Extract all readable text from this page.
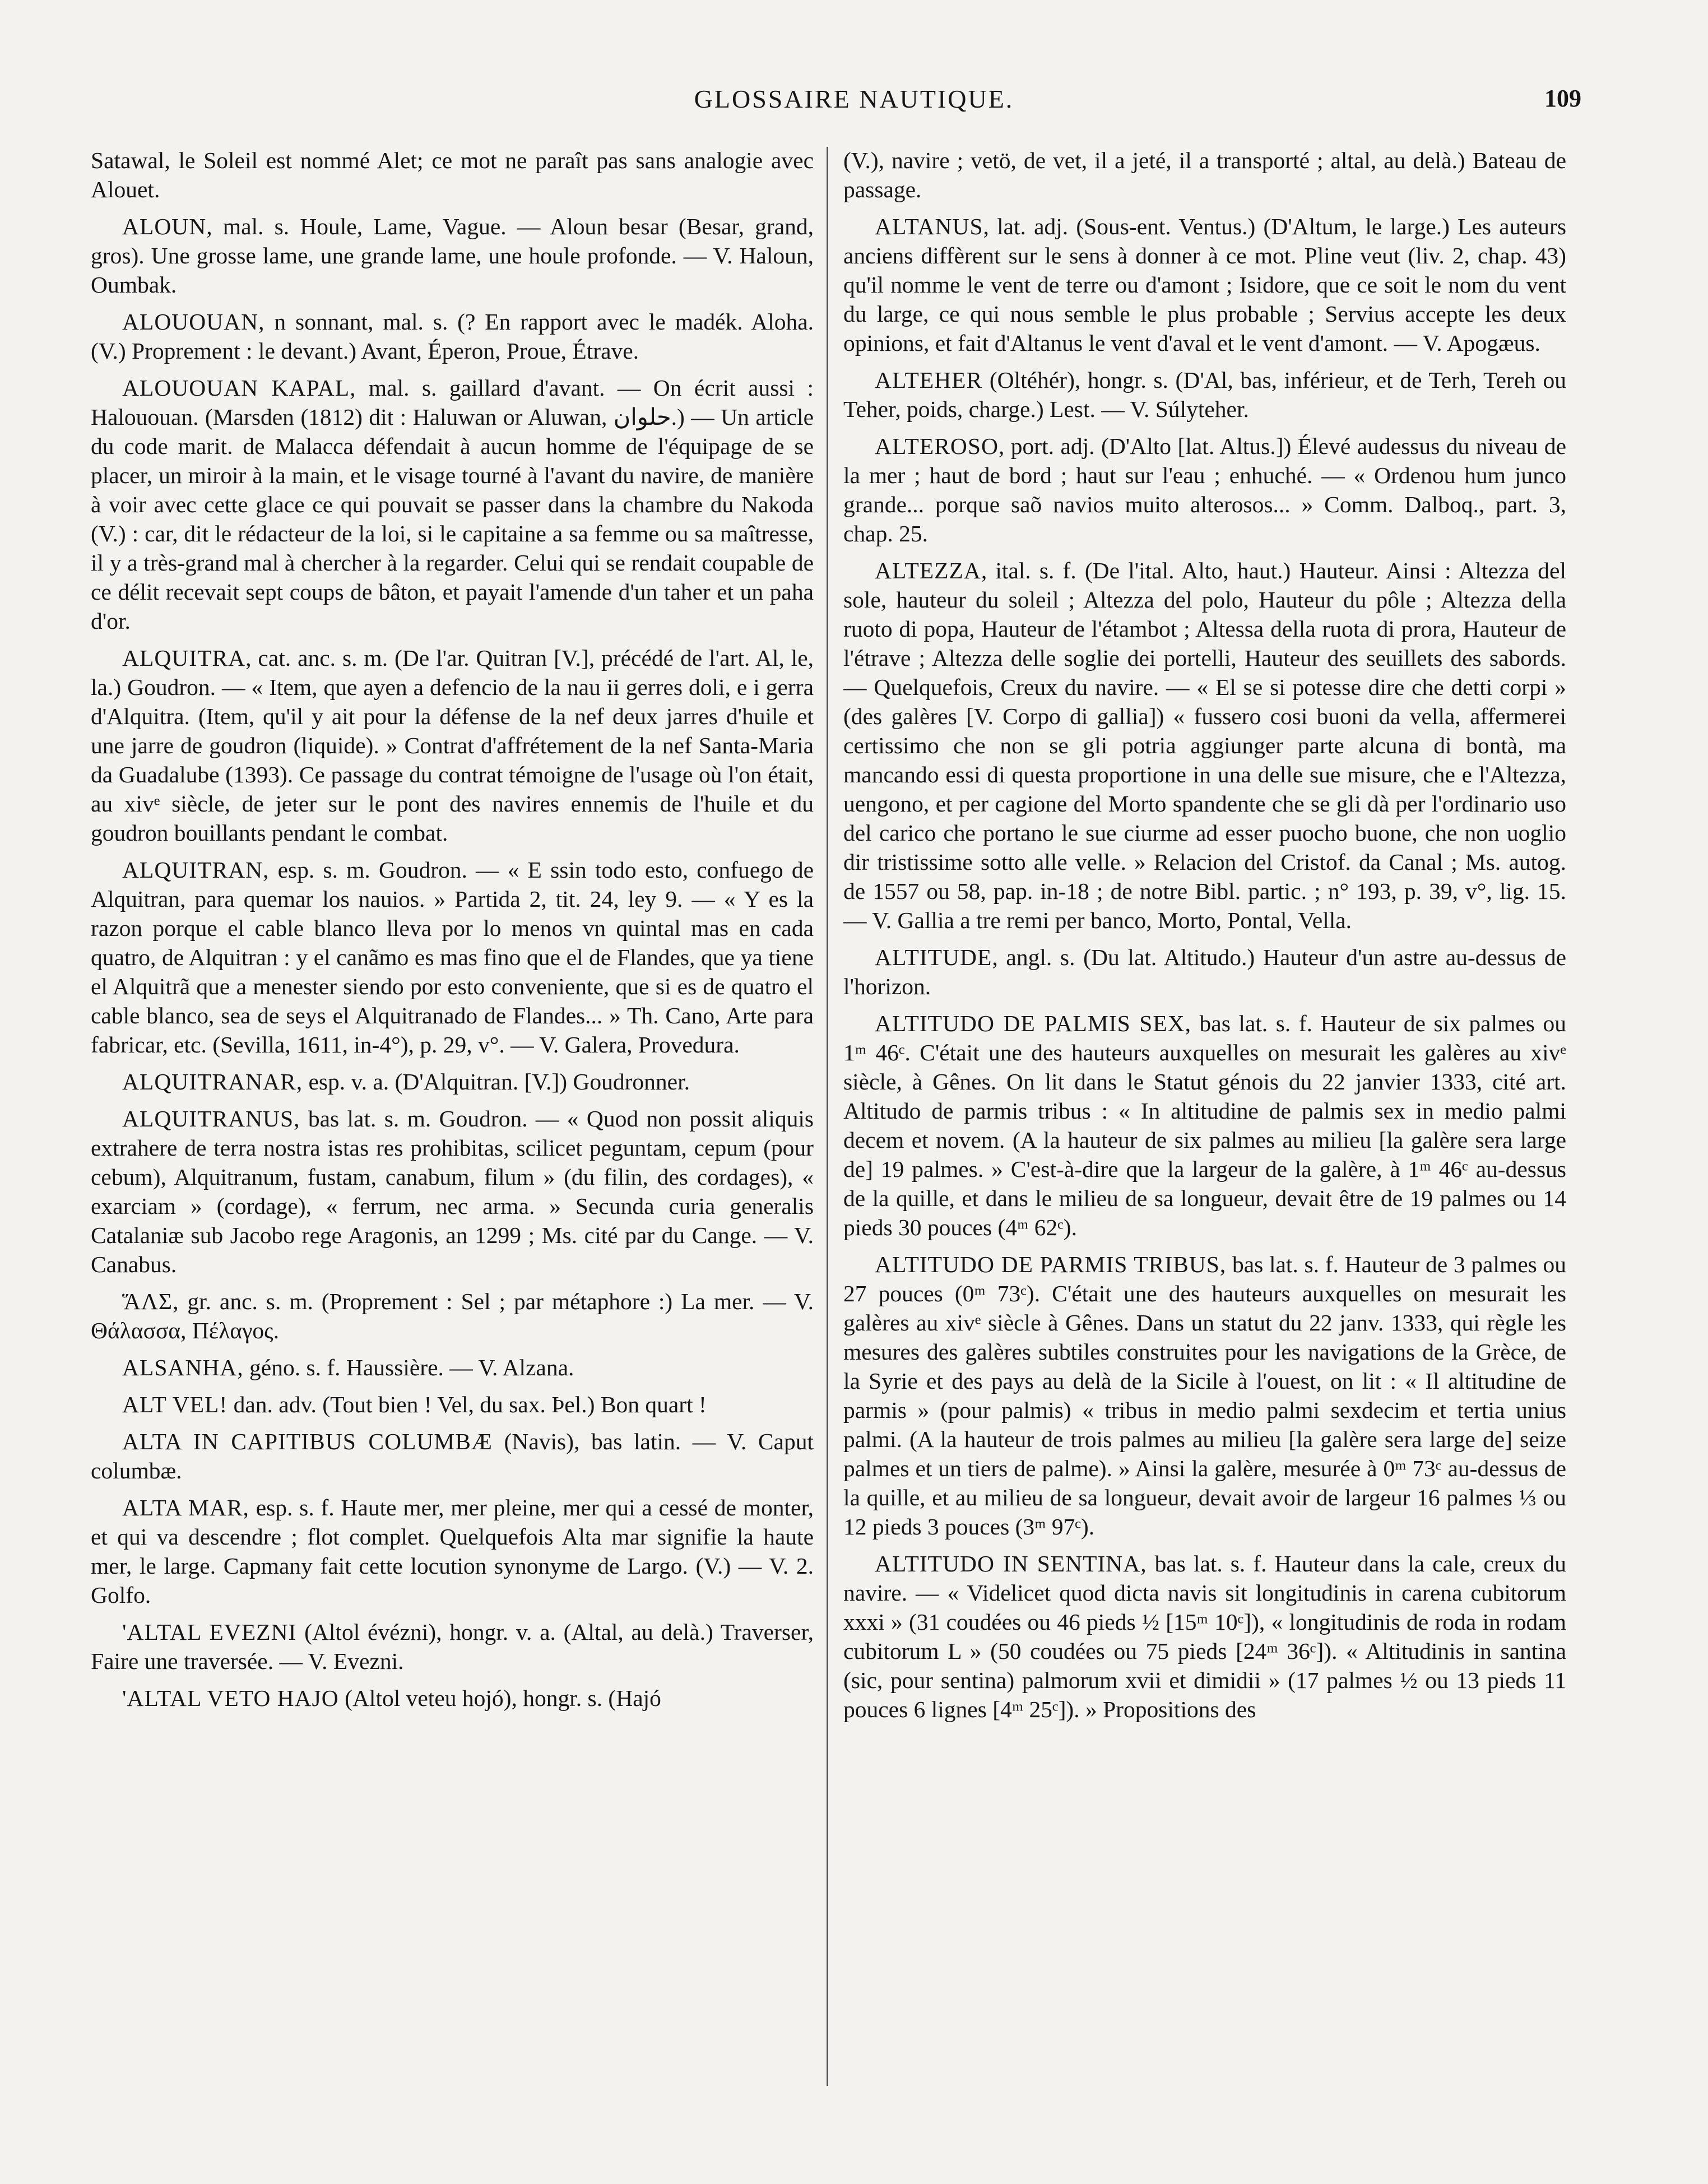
GLOSSAIRE NAUTIQUE.	109

Satawal, le Soleil est nommé Alet; ce mot ne paraît pas sans analogie avec Alouet.

ALOUN, mal. s. Houle, Lame, Vague. — Aloun besar (Besar, grand, gros). Une grosse lame, une grande lame, une houle profonde. — V. Haloun, Oumbak.

ALOUOUAN, n sonnant, mal. s. (? En rapport avec le madék. Aloha. (V.) Proprement : le devant.) Avant, Éperon, Proue, Étrave.

ALOUOUAN KAPAL, mal. s. gaillard d'avant. — On écrit aussi : Halououan. (Marsden (1812) dit : Haluwan or Aluwan, حلوان.) — Un article du code marit. de Malacca défendait à aucun homme de l'équipage de se placer, un miroir à la main, et le visage tourné à l'avant du navire, de manière à voir avec cette glace ce qui pouvait se passer dans la chambre du Nakoda (V.) : car, dit le rédacteur de la loi, si le capitaine a sa femme ou sa maîtresse, il y a très-grand mal à chercher à la regarder. Celui qui se rendait coupable de ce délit recevait sept coups de bâton, et payait l'amende d'un taher et un paha d'or.

ALQUITRA, cat. anc. s. m. (De l'ar. Quitran [V.], précédé de l'art. Al, le, la.) Goudron. — « Item, que ayen a defencio de la nau ii gerres doli, e i gerra d'Alquitra. (Item, qu'il y ait pour la défense de la nef deux jarres d'huile et une jarre de goudron (liquide). » Contrat d'affrétement de la nef Santa-Maria da Guadalube (1393). Ce passage du contrat témoigne de l'usage où l'on était, au xivᵉ siècle, de jeter sur le pont des navires ennemis de l'huile et du goudron bouillants pendant le combat.

ALQUITRAN, esp. s. m. Goudron. — « E ssin todo esto, confuego de Alquitran, para quemar los nauios. » Partida 2, tit. 24, ley 9. — « Y es la razon porque el cable blanco lleva por lo menos vn quintal mas en cada quatro, de Alquitran : y el canãmo es mas fino que el de Flandes, que ya tiene el Alquitrã que a menester siendo por esto conveniente, que si es de quatro el cable blanco, sea de seys el Alquitranado de Flandes... » Th. Cano, Arte para fabricar, etc. (Sevilla, 1611, in-4°), p. 29, v°. — V. Galera, Provedura.

ALQUITRANAR, esp. v. a. (D'Alquitran. [V.]) Goudronner.

ALQUITRANUS, bas lat. s. m. Goudron. — « Quod non possit aliquis extrahere de terra nostra istas res prohibitas, scilicet peguntam, cepum (pour cebum), Alquitranum, fustam, canabum, filum » (du filin, des cordages), « exarciam » (cordage), « ferrum, nec arma. » Secunda curia generalis Catalaniæ sub Jacobo rege Aragonis, an 1299 ; Ms. cité par du Cange. — V. Canabus.

ἍΛΣ, gr. anc. s. m. (Proprement : Sel ; par métaphore :) La mer. — V. Θάλασσα, Πέλαγος.

ALSANHA, géno. s. f. Haussière. — V. Alzana.

ALT VEL! dan. adv. (Tout bien ! Vel, du sax. Þel.) Bon quart !

ALTA IN CAPITIBUS COLUMBÆ (Navis), bas latin. — V. Caput columbæ.

ALTA MAR, esp. s. f. Haute mer, mer pleine, mer qui a cessé de monter, et qui va descendre ; flot complet. Quelquefois Alta mar signifie la haute mer, le large. Capmany fait cette locution synonyme de Largo. (V.) — V. 2. Golfo.

'ALTAL EVEZNI (Altol évézni), hongr. v. a. (Altal, au delà.) Traverser, Faire une traversée. — V. Evezni.

'ALTAL VETO HAJO (Altol veteu hojó), hongr. s. (Hajó

(V.), navire ; vetö, de vet, il a jeté, il a transporté ; altal, au delà.) Bateau de passage.

ALTANUS, lat. adj. (Sous-ent. Ventus.) (D'Altum, le large.) Les auteurs anciens diffèrent sur le sens à donner à ce mot. Pline veut (liv. 2, chap. 43) qu'il nomme le vent de terre ou d'amont ; Isidore, que ce soit le nom du vent du large, ce qui nous semble le plus probable ; Servius accepte les deux opinions, et fait d'Altanus le vent d'aval et le vent d'amont. — V. Apogæus.

ALTEHER (Oltéhér), hongr. s. (D'Al, bas, inférieur, et de Terh, Tereh ou Teher, poids, charge.) Lest. — V. Súlyteher.

ALTEROSO, port. adj. (D'Alto [lat. Altus.]) Élevé audessus du niveau de la mer ; haut de bord ; haut sur l'eau ; enhuché. — « Ordenou hum junco grande... porque saõ navios muito alterosos... » Comm. Dalboq., part. 3, chap. 25.

ALTEZZA, ital. s. f. (De l'ital. Alto, haut.) Hauteur. Ainsi : Altezza del sole, hauteur du soleil ; Altezza del polo, Hauteur du pôle ; Altezza della ruoto di popa, Hauteur de l'étambot ; Altessa della ruota di prora, Hauteur de l'étrave ; Altezza delle soglie dei portelli, Hauteur des seuillets des sabords. — Quelquefois, Creux du navire. — « El se si potesse dire che detti corpi » (des galères [V. Corpo di gallia]) « fussero cosi buoni da vella, affermerei certissimo che non se gli potria aggiunger parte alcuna di bontà, ma mancando essi di questa proportione in una delle sue misure, che e l'Altezza, uengono, et per cagione del Morto spandente che se gli dà per l'ordinario uso del carico che portano le sue ciurme ad esser puocho buone, che non uoglio dir tristissime sotto alle velle. » Relacion del Cristof. da Canal ; Ms. autog. de 1557 ou 58, pap. in-18 ; de notre Bibl. partic. ; n° 193, p. 39, v°, lig. 15. — V. Gallia a tre remi per banco, Morto, Pontal, Vella.

ALTITUDE, angl. s. (Du lat. Altitudo.) Hauteur d'un astre au-dessus de l'horizon.

ALTITUDO DE PALMIS SEX, bas lat. s. f. Hauteur de six palmes ou 1ᵐ 46ᶜ. C'était une des hauteurs auxquelles on mesurait les galères au xivᵉ siècle, à Gênes. On lit dans le Statut génois du 22 janvier 1333, cité art. Altitudo de parmis tribus : « In altitudine de palmis sex in medio palmi decem et novem. (A la hauteur de six palmes au milieu [la galère sera large de] 19 palmes. » C'est-à-dire que la largeur de la galère, à 1ᵐ 46ᶜ au-dessus de la quille, et dans le milieu de sa longueur, devait être de 19 palmes ou 14 pieds 30 pouces (4ᵐ 62ᶜ).

ALTITUDO DE PARMIS TRIBUS, bas lat. s. f. Hauteur de 3 palmes ou 27 pouces (0ᵐ 73ᶜ). C'était une des hauteurs auxquelles on mesurait les galères au xivᵉ siècle à Gênes. Dans un statut du 22 janv. 1333, qui règle les mesures des galères subtiles construites pour les navigations de la Grèce, de la Syrie et des pays au delà de la Sicile à l'ouest, on lit : « Il altitudine de parmis » (pour palmis) « tribus in medio palmi sexdecim et tertia unius palmi. (A la hauteur de trois palmes au milieu [la galère sera large de] seize palmes et un tiers de palme). » Ainsi la galère, mesurée à 0ᵐ 73ᶜ au-dessus de la quille, et au milieu de sa longueur, devait avoir de largeur 16 palmes ⅓ ou 12 pieds 3 pouces (3ᵐ 97ᶜ).

ALTITUDO IN SENTINA, bas lat. s. f. Hauteur dans la cale, creux du navire. — « Videlicet quod dicta navis sit longitudinis in carena cubitorum xxxi » (31 coudées ou 46 pieds ½ [15ᵐ 10ᶜ]), « longitudinis de roda in rodam cubitorum L » (50 coudées ou 75 pieds [24ᵐ 36ᶜ]). « Altitudinis in santina (sic, pour sentina) palmorum xvii et dimidii » (17 palmes ½ ou 13 pieds 11 pouces 6 lignes [4ᵐ 25ᶜ]). » Propositions des
